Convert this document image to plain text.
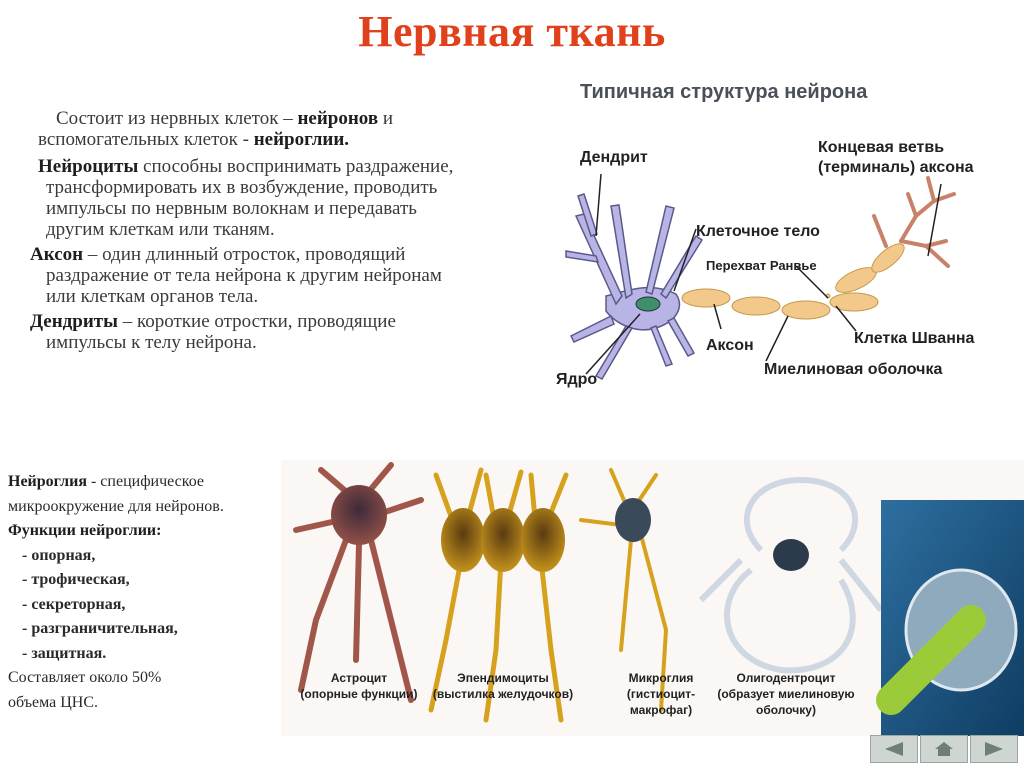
Нервная ткань

Состоит из нервных клеток – нейронов и
вспомогательных клеток - нейроглии.

Нейроциты способны воспринимать раздражение,
трансформировать их в возбуждение, проводить
импульсы по нервным волокнам и передавать
другим клеткам или тканям.

Аксон – один длинный отросток, проводящий
раздражение от тела нейрона к другим нейронам
или клеткам органов тела.

Дендриты – короткие отростки, проводящие
импульсы к телу нейрона.

Типичная структура нейрона
Дендрит
Концевая ветвь
(терминаль) аксона
Клеточное тело
Перехват Ранвье
Аксон	Клетка Шванна
Ядро
Миелиновая оболочка
Нейроглия - специфическое
микроокружение для нейронов.
Функции нейроглии:
- опорная,
- трофическая,
- секреторная,
- разграничительная,
- защитная.
Составляет около 50%
объема ЦНС.
Астроцит
(опорные функции)
Эпендимоциты
(выстилка желудочков)
Микроглия
(гистиоцит-
макрофаг)
Олигодентроцит
(образует миелиновую
оболочку)
